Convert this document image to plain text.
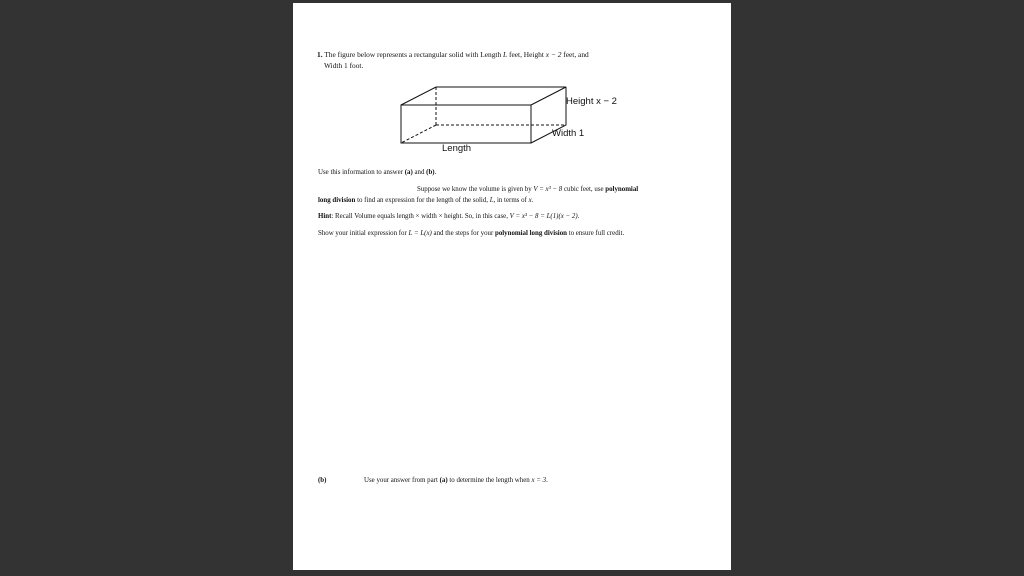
1. The figure below represents a rectangular solid with Length L feet, Height x − 2 feet, and
Width 1 foot.
Height x − 2
Width 1
Length
Use this information to answer (a) and (b).
Suppose we know the volume is given by V = x³ − 8 cubic feet, use polynomial
long division to find an expression for the length of the solid, L, in terms of x.
Hint: Recall Volume equals length × width × height. So, in this case, V = x³ − 8 = L(1)(x − 2).
Show your initial expression for L = L(x) and the steps for your polynomial long division to ensure full credit.
(b)	Use your answer from part (a) to determine the length when x = 3.
